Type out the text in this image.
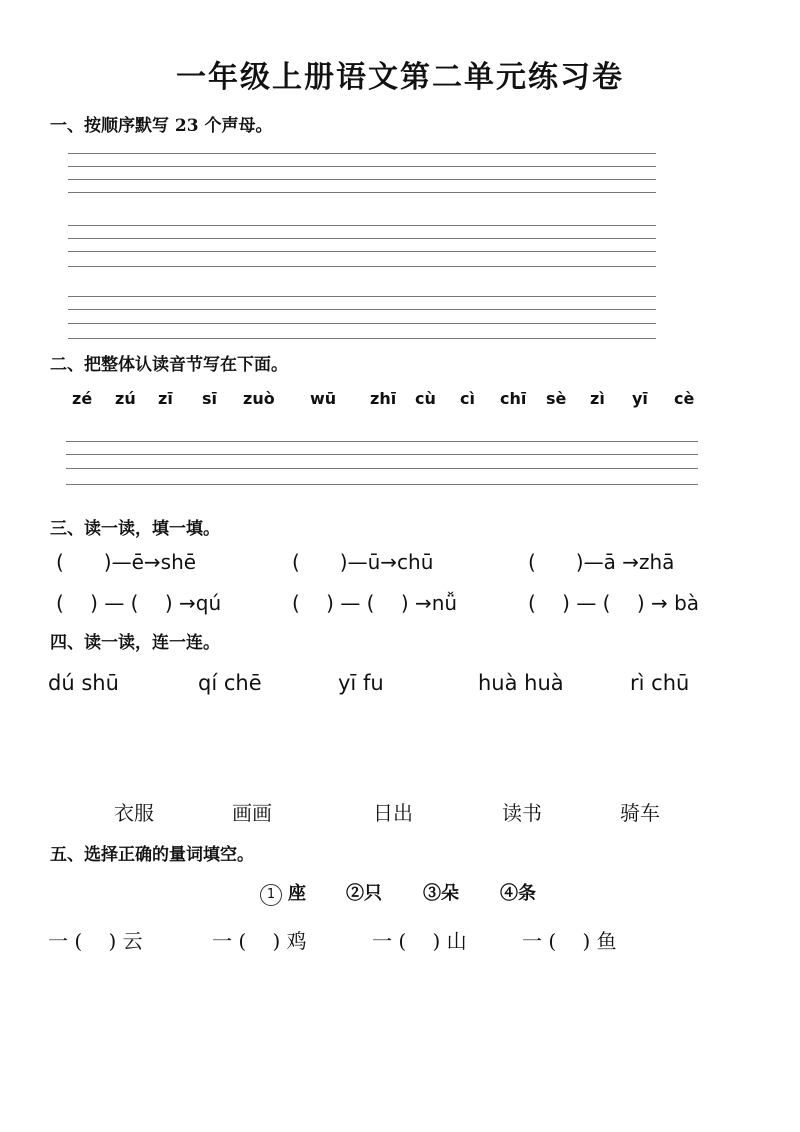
一年级上册语文第二单元练习卷
一、按顺序默写 23 个声母。
二、把整体认读音节写在下面。
zé zú zī sī zuò wū zhī cù cì chī sè zì yī cè
三、读一读，填一填。
(　　)—ē→shē	(　　)—ū→chū	(　　)—ā →zhā
( 　) — ( 　) →qú	( 　) — ( 　) →nǚ	( 　) — ( 　) → bà
四、读一读，连一连。
dú shū	qí chē	yī fu	huà huà	rì chū
衣服	画画	日出	读书	骑车
五、选择正确的量词填空。
1 座 ②只 ③朵 ④条
一 (　 ) 云	一 (　 ) 鸡	一 (　 ) 山	一 (　 ) 鱼
